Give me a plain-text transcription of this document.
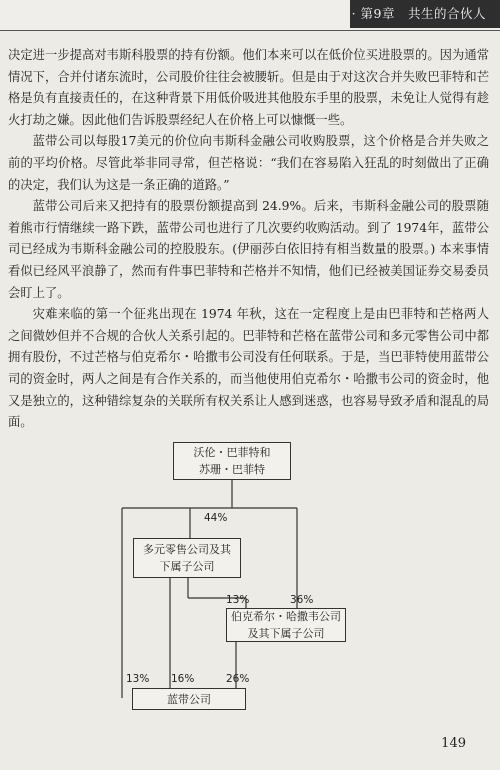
· 第9章　共生的合伙人 ·

决定进一步提高对韦斯科股票的持有份额。他们本来可以在低价位买进股票的。因为通常情况下，合并付诸东流时，公司股价往往会被腰斩。但是由于对这次合并失败巴菲特和芒格是负有直接责任的，在这种背景下用低价吸进其他股东手里的股票，未免让人觉得有趁火打劫之嫌。因此他们告诉股票经纪人在价格上可以慷慨一些。

蓝带公司以每股17美元的价位向韦斯科金融公司收购股票，这个价格是合并失败之前的平均价格。尽管此举非同寻常，但芒格说：“我们在容易陷入狂乱的时刻做出了正确的决定，我们认为这是一条正确的道路。”

蓝带公司后来又把持有的股票份额提高到 24.9%。后来，韦斯科金融公司的股票随着熊市行情继续一路下跌，蓝带公司也进行了几次要约收购活动。到了 1974年，蓝带公司已经成为韦斯科金融公司的控股股东。(伊丽莎白依旧持有相当数量的股票。) 本来事情看似已经风平浪静了，然而有件事巴菲特和芒格并不知情，他们已经被美国证券交易委员会盯上了。

灾难来临的第一个征兆出现在 1974 年秋，这在一定程度上是由巴菲特和芒格两人之间微妙但并不合规的合伙人关系引起的。巴菲特和芒格在蓝带公司和多元零售公司中都拥有股份，不过芒格与伯克希尔・哈撒韦公司没有任何联系。于是，当巴菲特使用蓝带公司的资金时，两人之间是有合作关系的，而当他使用伯克希尔・哈撒韦公司的资金时，他又是独立的，这种错综复杂的关联所有权关系让人感到迷惑，也容易导致矛盾和混乱的局面。

沃伦・巴菲特和
苏珊・巴菲特
多元零售公司及其
下属子公司
伯克希尔・哈撒韦公司
及其下属子公司
蓝带公司
44%
13%	36%
13% 16%	26%
149
